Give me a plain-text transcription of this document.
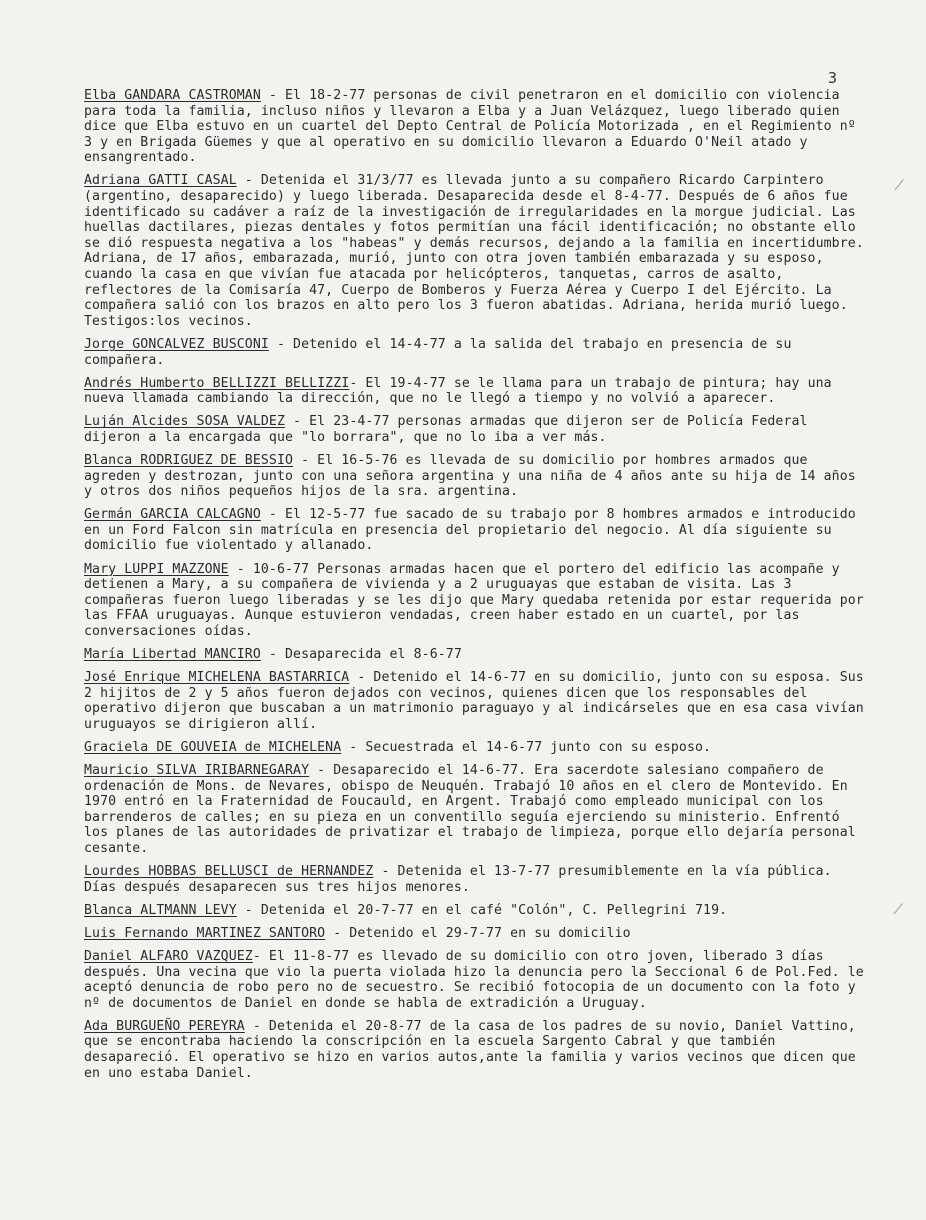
3
⁄
⁄

Elba GANDARA CASTROMAN - El 18-2-77 personas de civil penetraron en el domicilio con violencia para toda la familia, incluso niños y llevaron a Elba y a Juan Velázquez, luego liberado quien dice que Elba estuvo en un cuartel del Depto Central de Policía Motorizada , en el Regimiento nº 3 y en Brigada Güemes y que al operativo en su domicilio llevaron a Eduardo O'Neil atado y ensangrentado.

Adriana GATTI CASAL - Detenida el 31/3/77 es llevada junto a su compañero Ricardo Carpintero (argentino, desaparecido) y luego liberada. Desaparecida desde el 8-4-77. Después de 6 años fue identificado su cadáver a raíz de la investigación de irregularidades en la morgue judicial. Las huellas dactilares, piezas dentales y fotos permitían una fácil identificación; no obstante ello se dió respuesta negativa a los "habeas" y demás recursos, dejando a la familia en incertidumbre. Adriana, de 17 años, embarazada, murió, junto con otra joven también embarazada y su esposo, cuando la casa en que vivían fue atacada por helicópteros, tanquetas, carros de asalto, reflectores de la Comisaría 47, Cuerpo de Bomberos y Fuerza Aérea y Cuerpo I del Ejército. La compañera salió con los brazos en alto pero los 3 fueron abatidas. Adriana, herida murió luego. Testigos:los vecinos.

Jorge GONCALVEZ BUSCONI - Detenido el 14-4-77 a la salida del trabajo en presencia de su compañera.

Andrés Humberto BELLIZZI BELLIZZI- El 19-4-77 se le llama para un trabajo de pintura; hay una nueva llamada cambiando la dirección, que no le llegó a tiempo y no volvió a aparecer.

Luján Alcides SOSA VALDEZ - El 23-4-77 personas armadas que dijeron ser de Policía Federal dijeron a la encargada que "lo borrara", que no lo iba a ver más.

Blanca RODRIGUEZ DE BESSIO - El 16-5-76 es llevada de su domicilio por hombres armados que agreden y destrozan, junto con una señora argentina y una niña de 4 años ante su hija de 14 años y otros dos niños pequeños hijos de la sra. argentina.

Germán GARCIA CALCAGNO - El 12-5-77 fue sacado de su trabajo por 8 hombres armados e introducido en un Ford Falcon sin matrícula en presencia del propietario del negocio. Al día siguiente su domicilio fue violentado y allanado.

Mary LUPPI MAZZONE - 10-6-77 Personas armadas hacen que el portero del edificio las acompañe y detienen a Mary, a su compañera de vivienda y a 2 uruguayas que estaban de visita. Las 3 compañeras fueron luego liberadas y se les dijo que Mary quedaba retenida por estar requerida por las FFAA uruguayas. Aunque estuvieron vendadas, creen haber estado en un cuartel, por las conversaciones oídas.

María Libertad MANCIRO - Desaparecida el 8-6-77

José Enrique MICHELENA BASTARRICA - Detenido el 14-6-77 en su domicilio, junto con su esposa. Sus 2 hijitos de 2 y 5 años fueron dejados con vecinos, quienes dicen que los responsables del operativo dijeron que buscaban a un matrimonio paraguayo y al indicárseles que en esa casa vivían uruguayos se dirigieron allí.

Graciela DE GOUVEIA de MICHELENA - Secuestrada el 14-6-77 junto con su esposo.

Mauricio SILVA IRIBARNEGARAY - Desaparecido el 14-6-77. Era sacerdote salesiano compañero de ordenación de Mons. de Nevares, obispo de Neuquén. Trabajó 10 años en el clero de Montevido. En 1970 entró en la Fraternidad de Foucauld, en Argent. Trabajó como empleado municipal con los barrenderos de calles; en su pieza en un conventillo seguía ejerciendo su ministerio. Enfrentó los planes de las autoridades de privatizar el trabajo de limpieza, porque ello dejaría personal cesante.

Lourdes HOBBAS BELLUSCI de HERNANDEZ - Detenida el 13-7-77 presumiblemente en la vía pública. Días después desaparecen sus tres hijos menores.

Blanca ALTMANN LEVY - Detenida el 20-7-77 en el café "Colón", C. Pellegrini 719.

Luis Fernando MARTINEZ SANTORO - Detenido el 29-7-77 en su domicilio

Daniel ALFARO VAZQUEZ- El 11-8-77 es llevado de su domicilio con otro joven, liberado 3 días después. Una vecina que vio la puerta violada hizo la denuncia pero la Seccional 6 de Pol.Fed. le aceptó denuncia de robo pero no de secuestro. Se recibió fotocopia de un documento con la foto y nº de documentos de Daniel en donde se habla de extradición a Uruguay.

Ada BURGUEÑO PEREYRA - Detenida el 20-8-77 de la casa de los padres de su novio, Daniel Vattino, que se encontraba haciendo la conscripción en la escuela Sargento Cabral y que también desapareció. El operativo se hizo en varios autos,ante la familia y varios vecinos que dicen que en uno estaba Daniel.
